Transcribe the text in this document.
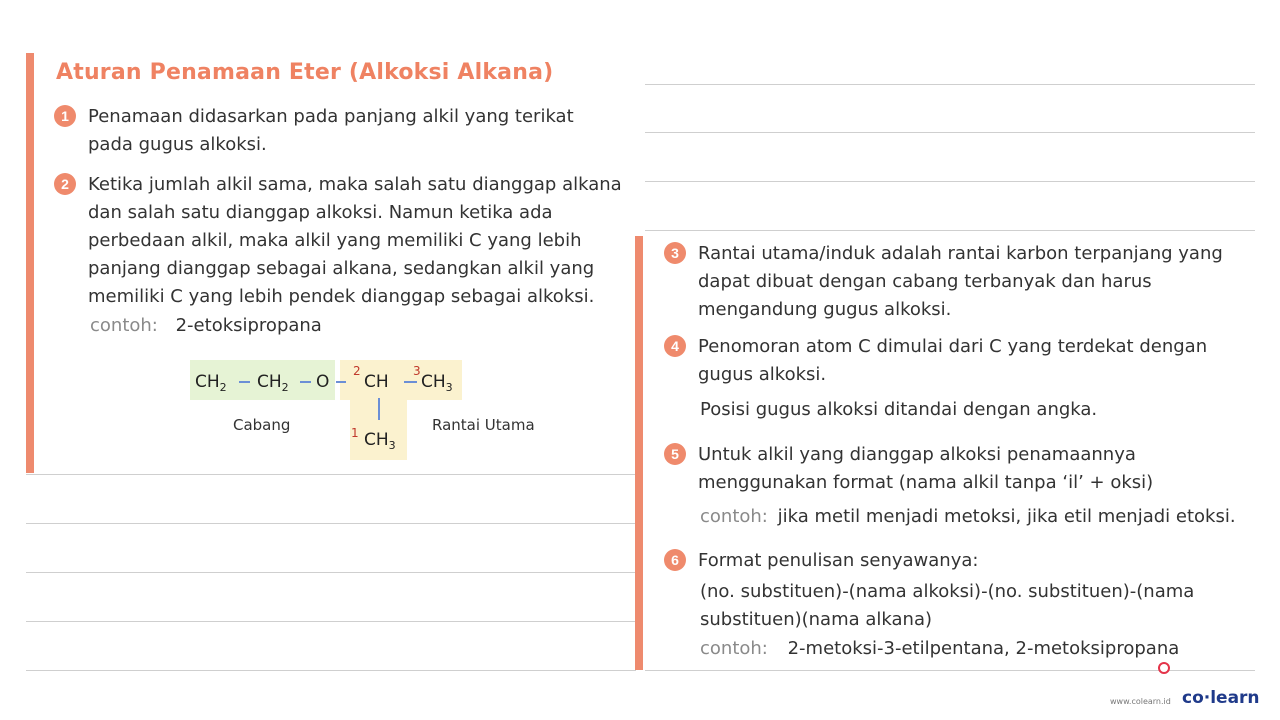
Aturan Penamaan Eter (Alkoksi Alkana)
1	Penamaan didasarkan pada panjang alkil yang terikat pada gugus alkoksi.

2	Ketika jumlah alkil sama, maka salah satu dianggap alkana dan salah satu dianggap alkoksi. Namun ketika ada perbedaan alkil, maka alkil yang memiliki C yang lebih panjang dianggap sebagai alkana, sedangkan alkil yang memiliki C yang lebih pendek dianggap sebagai alkoksi.

contoh: 2-etoksipropana
$CH_2$ $CH_2$ O
2
CH
3
$CH_3$
1 $CH_3$
Cabang	Rantai Utama
3	Rantai utama/induk adalah rantai karbon terpanjang yang dapat dibuat dengan cabang terbanyak dan harus mengandung gugus alkoksi.

4	Penomoran atom C dimulai dari C yang terdekat dengan gugus alkoksi.

Posisi gugus alkoksi ditandai dengan angka.

5	Untuk alkil yang dianggap alkoksi penamaannya menggunakan format (nama alkil tanpa ‘il’ + oksi)

contoh: jika metil menjadi metoksi, jika etil menjadi etoksi.
6	Format penulisan senyawanya:

(no. substituen)-(nama alkoksi)-(no. substituen)-(nama substituen)(nama alkana)

contoh: 2-metoksi-3-etilpentana, 2-metoksipropana
www.colearn.id co·learn
